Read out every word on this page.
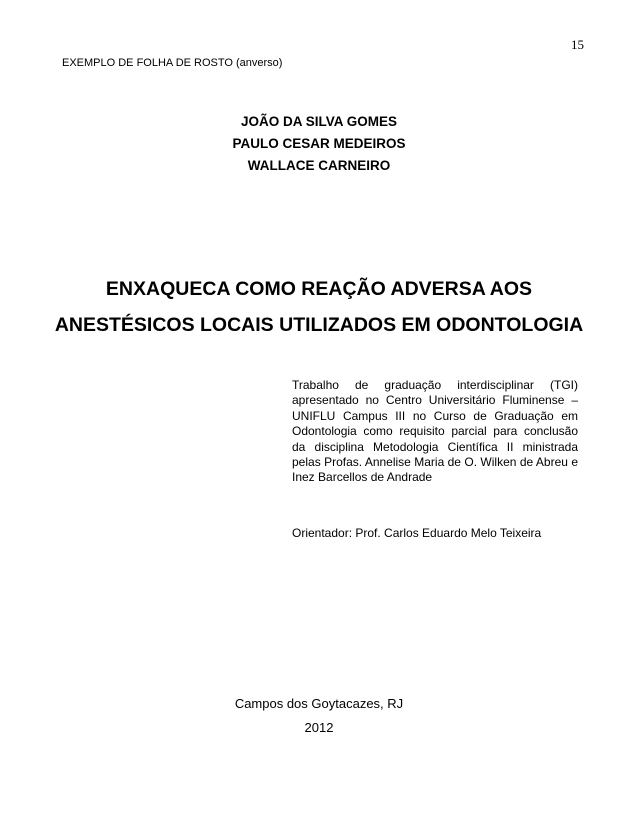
15
EXEMPLO DE FOLHA DE ROSTO (anverso)
JOÃO DA SILVA GOMES
PAULO CESAR MEDEIROS
WALLACE CARNEIRO
ENXAQUECA COMO REAÇÃO ADVERSA AOS
ANESTÉSICOS LOCAIS UTILIZADOS EM ODONTOLOGIA
Trabalho de graduação interdisciplinar (TGI) apresentado no Centro Universitário Fluminense – UNIFLU Campus III no Curso de Graduação em Odontologia como requisito parcial para conclusão da disciplina Metodologia Científica II ministrada pelas Profas. Annelise Maria de O. Wilken de Abreu e Inez Barcellos de Andrade
Orientador: Prof. Carlos Eduardo Melo Teixeira
Campos dos Goytacazes, RJ
2012
